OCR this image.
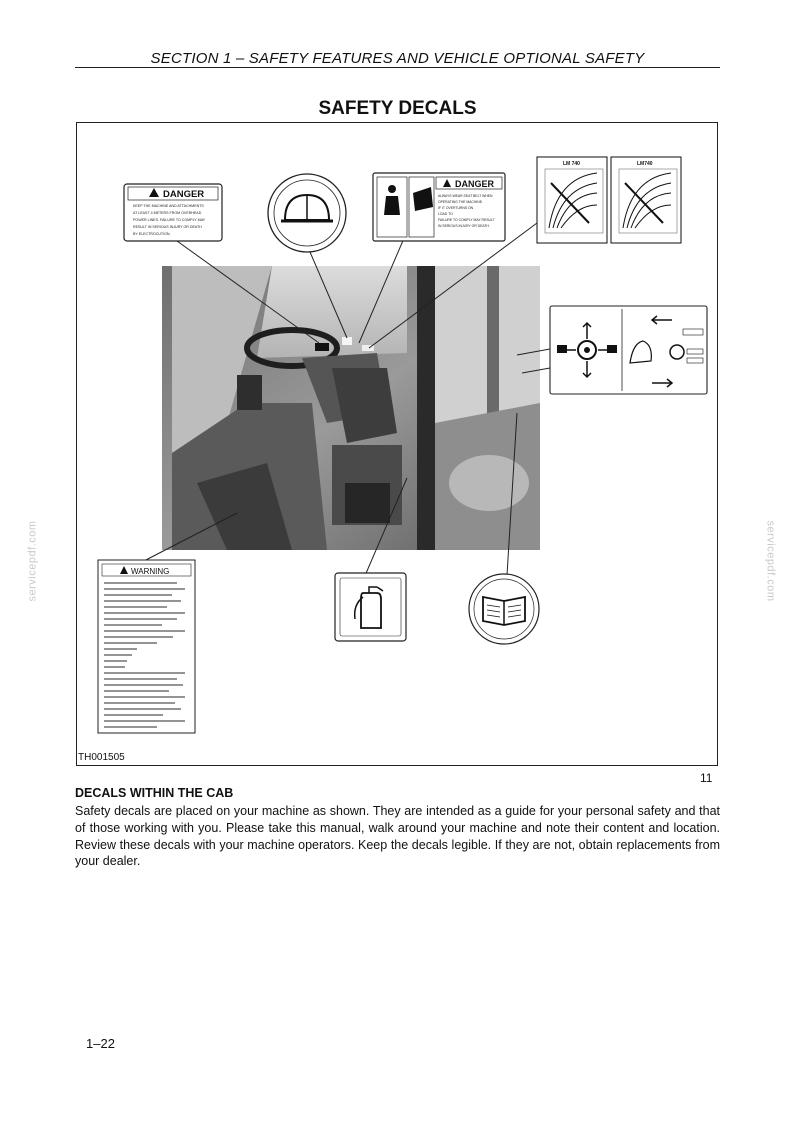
SECTION 1 – SAFETY FEATURES AND VEHICLE OPTIONAL SAFETY
SAFETY DECALS
DANGER
KEEP THE MACHINE AND ATTACHMENTS AT LEAST 4 METERS FROM OVERHEAD POWER LINES. FAILURE TO COMPLY MAY RESULT IN SERIOUS INJURY OR DEATH BY ELECTROCUTION.
DANGER
ALWAYS WEAR SEAT BELT WHEN OPERATING THE MACHINE. IF IT OVERTURNS ON LOAD TO FAILURE TO COMPLY MAY RESULT IN SERIOUS INJURY OR DEATH.
LM 740	LM740
WARNING
TH001505
11
DECALS WITHIN THE CAB
Safety decals are placed on your machine as shown. They are intended as a guide for your personal safety and that of those working with you. Please take this manual, walk around your machine and note their content and location. Review these decals with your machine operators. Keep the decals legible. If they are not, obtain replacements from your dealer.
1–22
servicepdf.com	servicepdf.com
